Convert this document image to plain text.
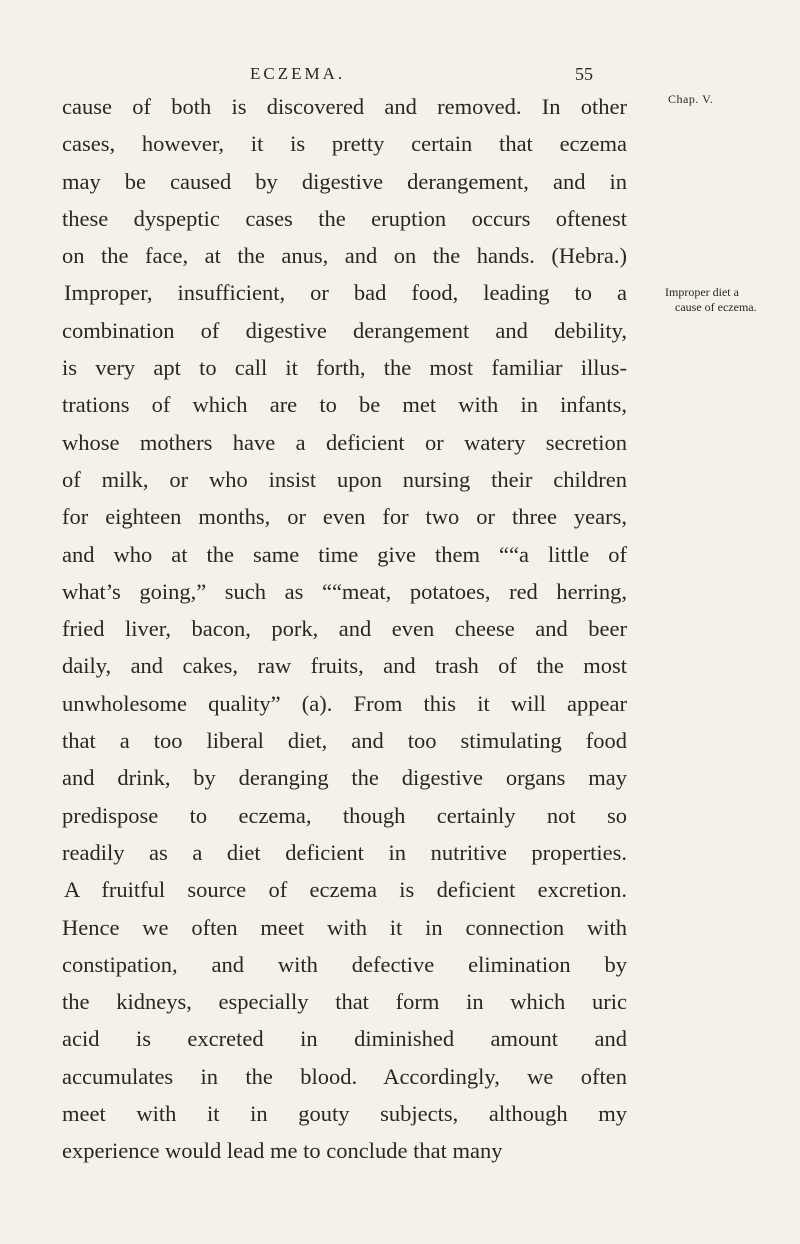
ECZEMA.	55
Chap. V.
Improper diet a
cause of eczema.
cause of both is discovered and removed. In other
cases, however, it is pretty certain that eczema
may be caused by digestive derangement, and in
these dyspeptic cases the eruption occurs oftenest
on the face, at the anus, and on the hands. (Hebra.)
Improper, insufficient, or bad food, leading to a
combination of digestive derangement and debility,
is very apt to call it forth, the most familiar illus-
trations of which are to be met with in infants,
whose mothers have a deficient or watery secretion
of milk, or who insist upon nursing their children
for eighteen months, or even for two or three years,
and who at the same time give them ““a little of
what’s going,” such as ““meat, potatoes, red herring,
fried liver, bacon, pork, and even cheese and beer
daily, and cakes, raw fruits, and trash of the most
unwholesome quality” (a). From this it will appear
that a too liberal diet, and too stimulating food
and drink, by deranging the digestive organs may
predispose to eczema, though certainly not so
readily as a diet deficient in nutritive properties.
A fruitful source of eczema is deficient excretion.
Hence we often meet with it in connection with
constipation, and with defective elimination by
the kidneys, especially that form in which uric
acid is excreted in diminished amount and
accumulates in the blood. Accordingly, we often
meet with it in gouty subjects, although my
experience would lead me to conclude that many
